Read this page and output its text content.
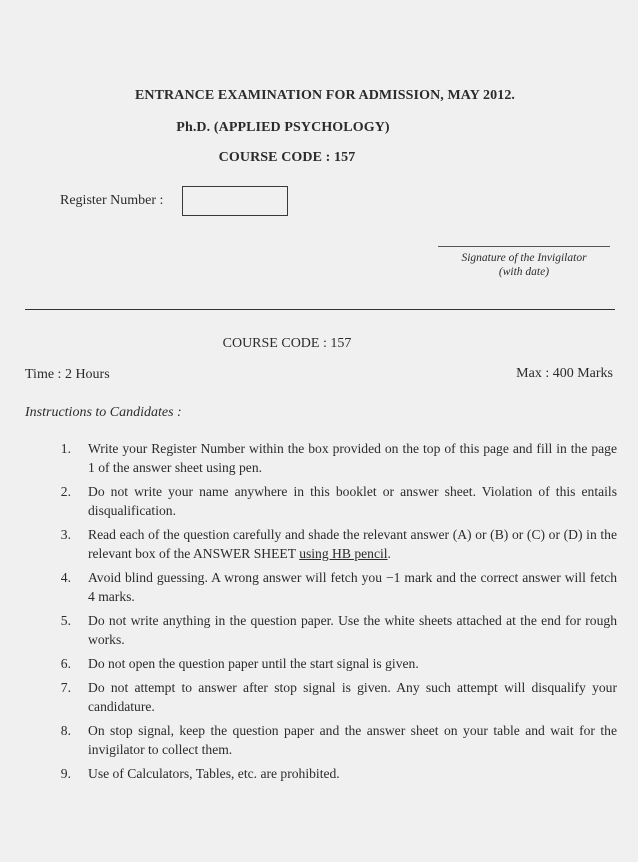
ENTRANCE EXAMINATION FOR ADMISSION, MAY 2012.
Ph.D. (APPLIED PSYCHOLOGY)
COURSE CODE : 157
Register Number :
Signature of the Invigilator
(with date)
COURSE CODE : 157
Time : 2 Hours	Max : 400 Marks
Instructions to Candidates :
1. Write your Register Number within the box provided on the top of this page and fill in the page 1 of the answer sheet using pen.
2. Do not write your name anywhere in this booklet or answer sheet. Violation of this entails disqualification.
3. Read each of the question carefully and shade the relevant answer (A) or (B) or (C) or (D) in the relevant box of the ANSWER SHEET using HB pencil.
4. Avoid blind guessing. A wrong answer will fetch you −1 mark and the correct answer will fetch 4 marks.
5. Do not write anything in the question paper. Use the white sheets attached at the end for rough works.
6. Do not open the question paper until the start signal is given.
7. Do not attempt to answer after stop signal is given. Any such attempt will disqualify your candidature.
8. On stop signal, keep the question paper and the answer sheet on your table and wait for the invigilator to collect them.
9. Use of Calculators, Tables, etc. are prohibited.
